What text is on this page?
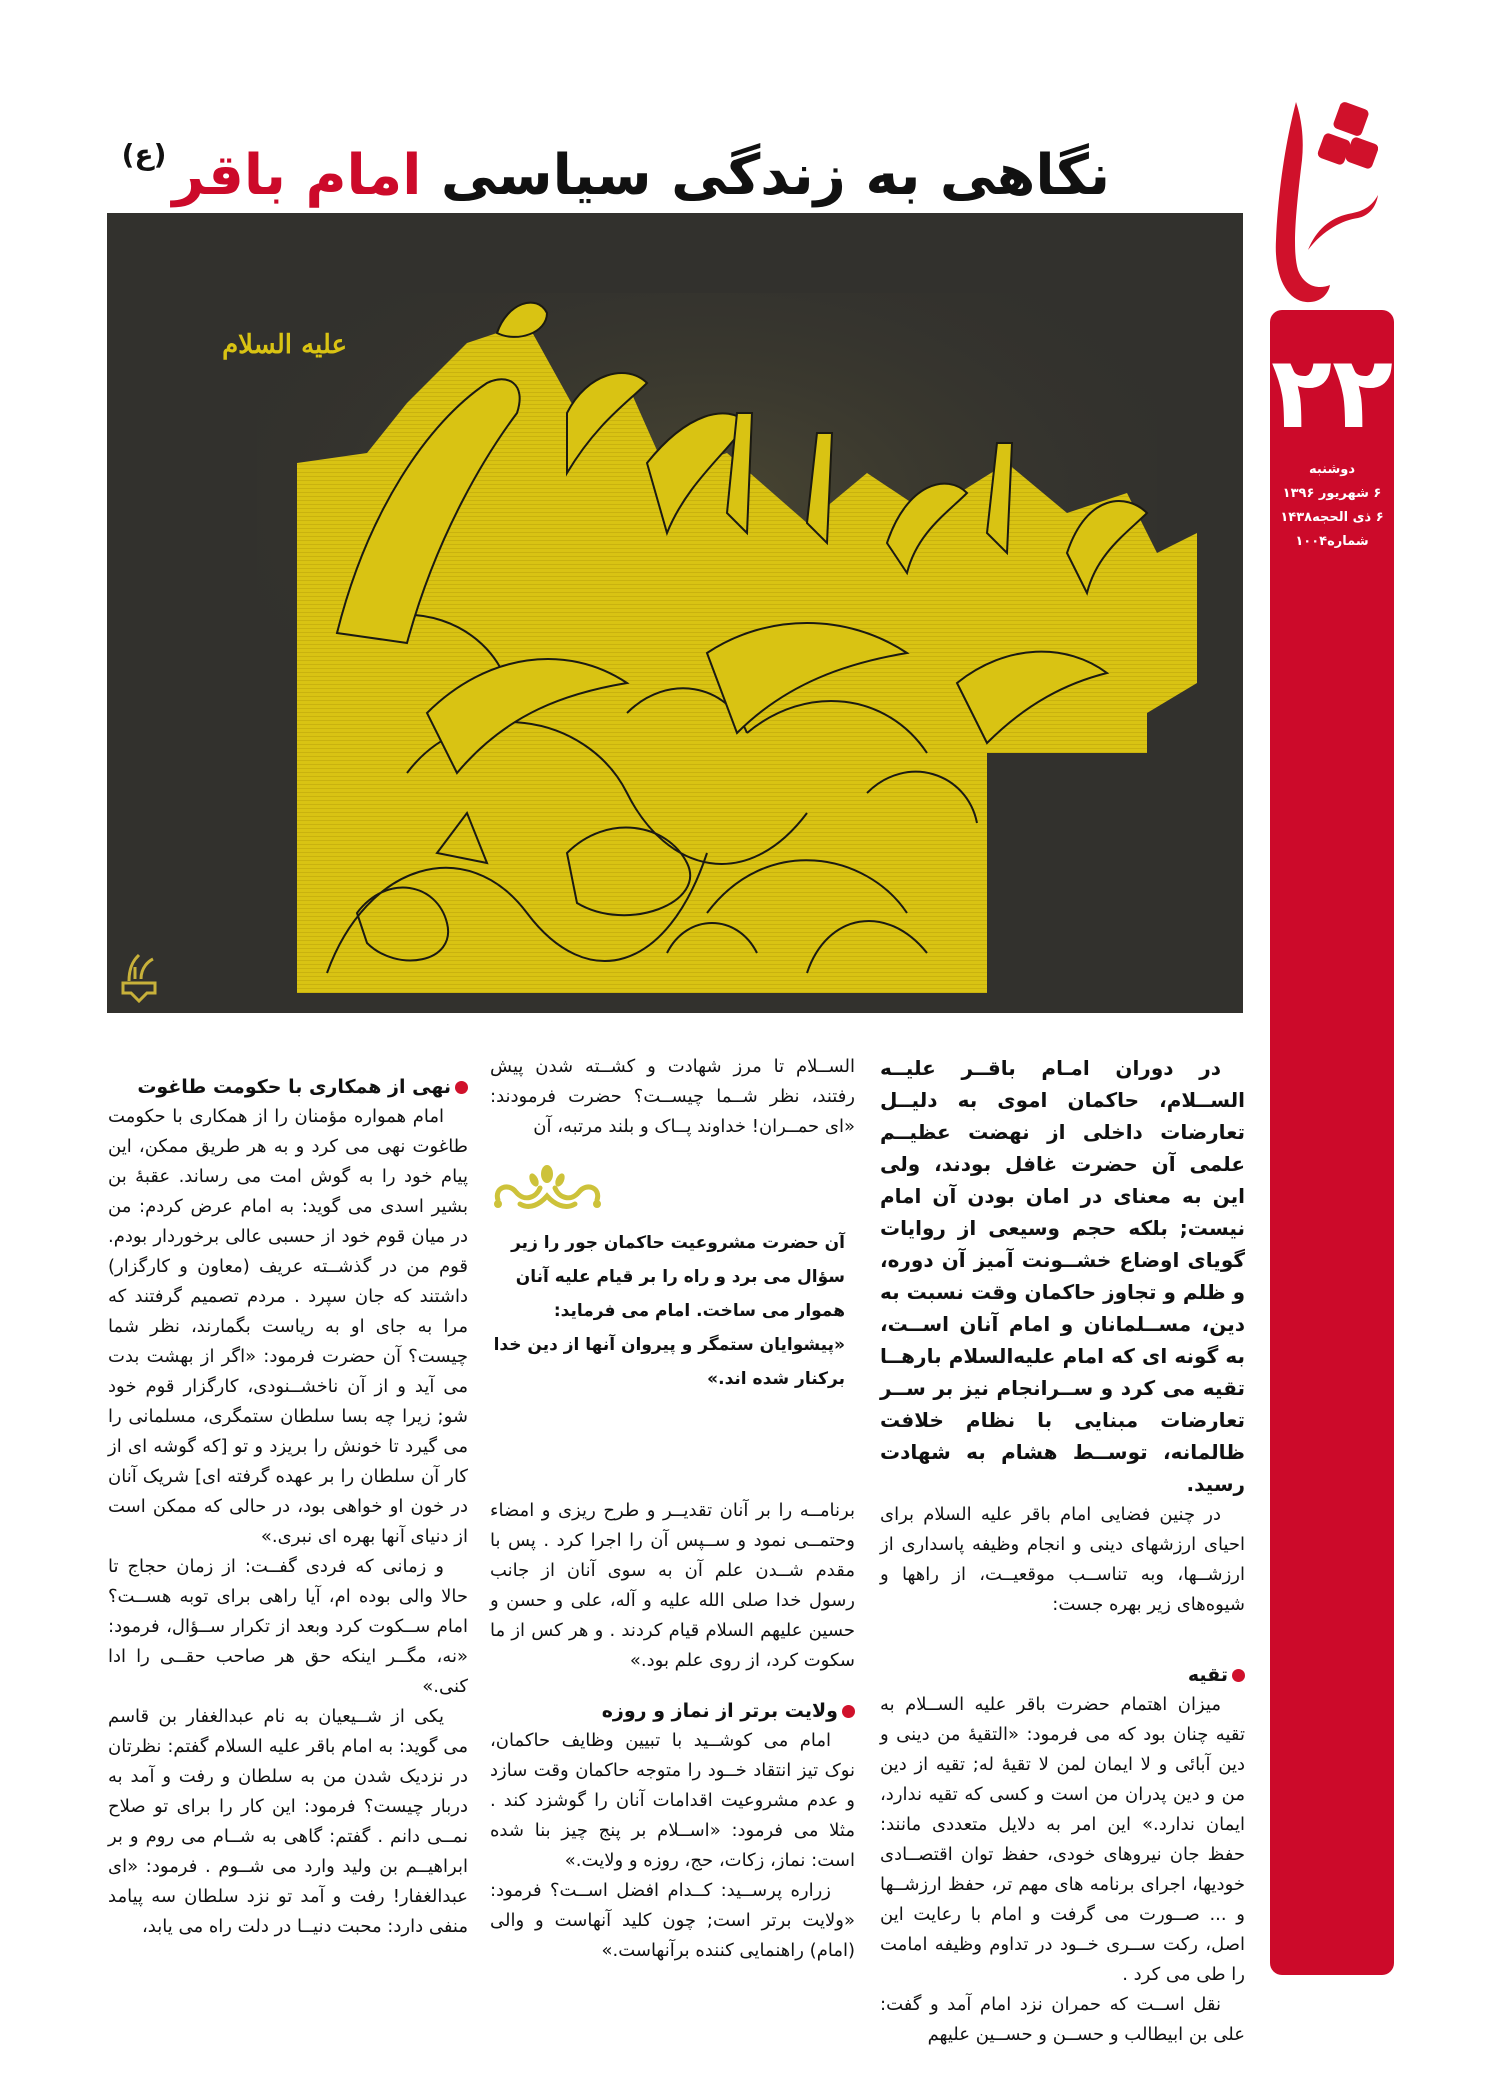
۲۲
دوشنبه
۶ شهریور ۱۳۹۶
۶ ذی الحجه۱۴۳۸
شماره۱۰۰۴
نگاهی به زندگی سیاسی امام باقر$^{(ع)}$
علیه السلام

در دوران امـام باقــر علیــه الســلام، حاکمان اموی به دلیــل تعارضات داخلی از نهضت عظیــم علمی آن حضرت غافل بودند، ولی این به معنای در امان بودن آن امام نیست; بلکه حجم وسیعی از روایات گویای اوضاع خشــونت آمیز آن دوره، و ظلم و تجاوز حاکمان وقت نسبت به دین، مســلمانان و امام آنان اســت، به گونه ای که امام علیه‌السلام بارهــا تقیه می کرد و ســرانجام نیز بر ســر تعارضات مبنایی با نظام خلافت ظالمانه، توســط هشام به شهادت رسید.

در چنین فضایی امام باقر علیه السلام برای احیای ارزشهای دینی و انجام وظیفه پاسداری از ارزشــها، وبه تناســب موقعیــت، از راهها و شیوه‌های زیر بهره جست:

تقیه

میزان اهتمام حضرت باقر علیه الســلام به تقیه چنان بود که می فرمود: «التقیهٔ من دینی و دین آبائی و لا ایمان لمن لا تقیهٔ له; تقیه از دین من و دین پدران من است و کسی که تقیه ندارد، ایمان ندارد.» این امر به دلایل متعددی مانند: حفظ جان نیروهای خودی، حفظ توان اقتصــادی خودیها، اجرای برنامه های مهم تر، حفظ ارزشــها و ... صــورت می گرفت و امام با رعایت این اصل، رکت ســری خــود در تداوم وظیفه امامت را طی می کرد .

نقل اســت که حمران نزد امام آمد و گفت: علی بن ابیطالب و حســن و حســین علیهم

الســلام تا مرز شهادت و کشــته شدن پیش رفتند، نظر شــما چیســت؟ حضرت فرمودند: «ای حمــران! خداوند پــاک و بلند مرتبه، آن

آن حضرت مشروعیت حاکمان جور را زیر سؤال می برد و راه را بر قیام علیه آنان هموار می ساخت. امام می فرماید: «پیشوایان ستمگر و پیروان آنها از دین خدا برکنار شده اند.»

برنامــه را بر آنان تقدیــر و طرح ریزی و امضاء وحتمــی نمود و ســپس آن را اجرا کرد . پس با مقدم شــدن علم آن به سوی آنان از جانب رسول خدا صلی الله علیه و آله، علی و حسن و حسین علیهم السلام قیام کردند . و هر کس از ما سکوت کرد، از روی علم بود.»

ولایت برتر از نماز و روزه

امام می کوشــید با تبیین وظایف حاکمان، نوک تیز انتقاد خــود را متوجه حاکمان وقت سازد و عدم مشروعیت اقدامات آنان را گوشزد کند . مثلا می فرمود: «اســلام بر پنج چیز بنا شده است: نماز، زکات، حج، روزه و ولایت.»

زراره پرســید: کــدام افضل اســت؟ فرمود: «ولایت برتر است; چون کلید آنهاست و والی (امام) راهنمایی کننده برآنهاست.»

نهی از همکاری با حکومت طاغوت

امام همواره مؤمنان را از همکاری با حکومت طاغوت نهی می کرد و به هر طریق ممکن، این پیام خود را به گوش امت می رساند. عقبهٔ بن بشیر اسدی می گوید: به امام عرض کردم: من در میان قوم خود از حسبی عالی برخوردار بودم. قوم من در گذشــته عریف (معاون و کارگزار) داشتند که جان سپرد . مردم تصمیم گرفتند که مرا به جای او به ریاست بگمارند، نظر شما چیست؟ آن حضرت فرمود: «اگر از بهشت بدت می آید و از آن ناخشــنودی، کارگزار قوم خود شو; زیرا چه بسا سلطان ستمگری، مسلمانی را می گیرد تا خونش را بریزد و تو [که گوشه ای از کار آن سلطان را بر عهده گرفته ای] شریک آنان در خون او خواهی بود، در حالی که ممکن است از دنیای آنها بهره ای نبری.»

و زمانی که فردی گفــت: از زمان حجاج تا حالا والی بوده ام، آیا راهی برای توبه هســت؟ امام ســکوت کرد وبعد از تکرار ســؤال، فرمود: «نه، مگــر اینکه حق هر صاحب حقــی را ادا کنی.»

یکی از شــیعیان به نام عبدالغفار بن قاسم می گوید: به امام باقر علیه السلام گفتم: نظرتان در نزدیک شدن من به سلطان و رفت و آمد به دربار چیست؟ فرمود: این کار را برای تو صلاح نمــی دانم . گفتم: گاهی به شــام می روم و بر ابراهیــم بن ولید وارد می شــوم . فرمود: «ای عبدالغفار! رفت و آمد تو نزد سلطان سه پیامد منفی دارد: محبت دنیــا در دلت راه می یابد،
